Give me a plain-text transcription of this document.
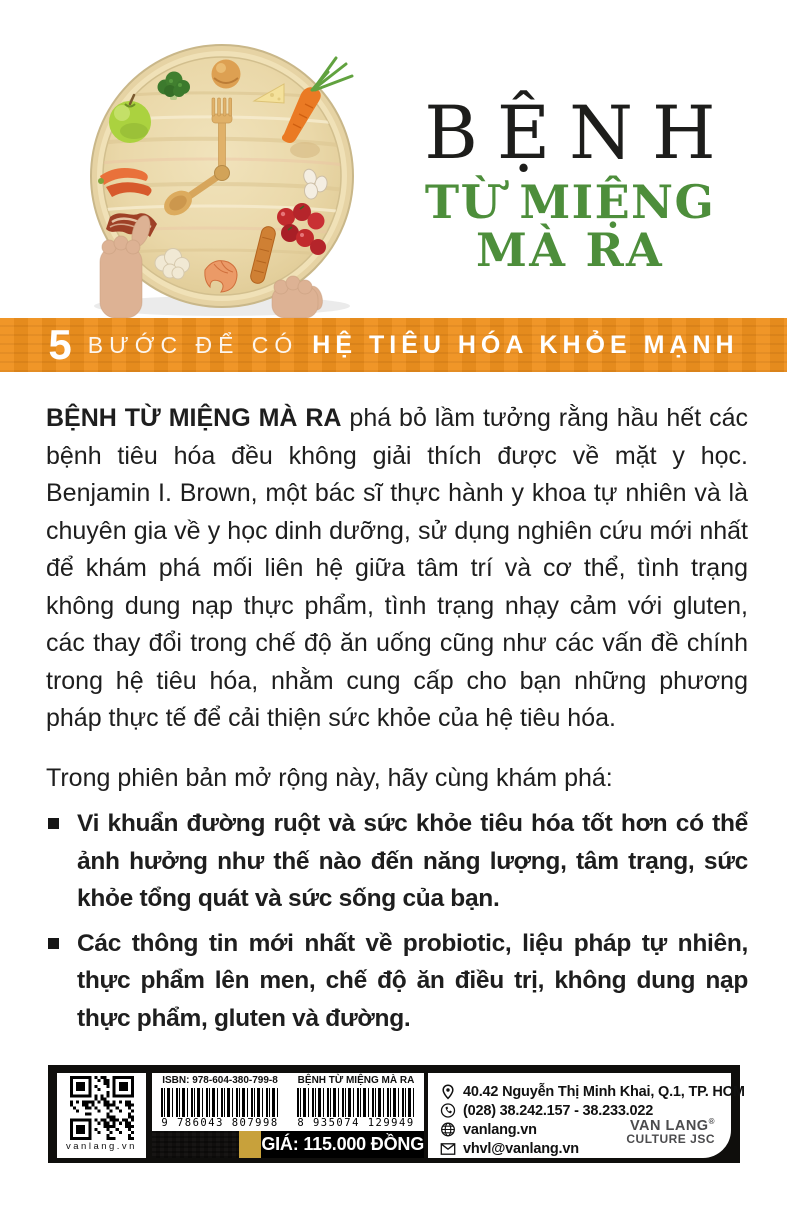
BỆNH
TỪ MIỆNG
MÀ RA
5 BƯỚC ĐỂ CÓ HỆ TIÊU HÓA KHỎE MẠNH

BỆNH TỪ MIỆNG MÀ RA phá bỏ lầm tưởng rằng hầu hết các bệnh tiêu hóa đều không giải thích được về mặt y học. Benjamin I. Brown, một bác sĩ thực hành y khoa tự nhiên và là chuyên gia về y học dinh dưỡng, sử dụng nghiên cứu mới nhất để khám phá mối liên hệ giữa tâm trí và cơ thể, tình trạng không dung nạp thực phẩm, tình trạng nhạy cảm với gluten, các thay đổi trong chế độ ăn uống cũng như các vấn đề chính trong hệ tiêu hóa, nhằm cung cấp cho bạn những phương pháp thực tế để cải thiện sức khỏe của hệ tiêu hóa.

Trong phiên bản mở rộng này, hãy cùng khám phá:

Vi khuẩn đường ruột và sức khỏe tiêu hóa tốt hơn có thể ảnh hưởng như thế nào đến năng lượng, tâm trạng, sức khỏe tổng quát và sức sống của bạn.
Các thông tin mới nhất về probiotic, liệu pháp tự nhiên, thực phẩm lên men, chế độ ăn điều trị, không dung nạp thực phẩm, gluten và đường.
vanlang.vn
ISBN: 978-604-380-799-8
9 786043 807998
BỆNH TỪ MIỆNG MÀ RA
8 935074 129949
GIÁ: 115.000 ĐỒNG
40.42 Nguyễn Thị Minh Khai, Q.1, TP. HCM
(028) 38.242.157 - 38.233.022
vanlang.vn
vhvl@vanlang.vn
VAN LANG®
CULTURE JSC
